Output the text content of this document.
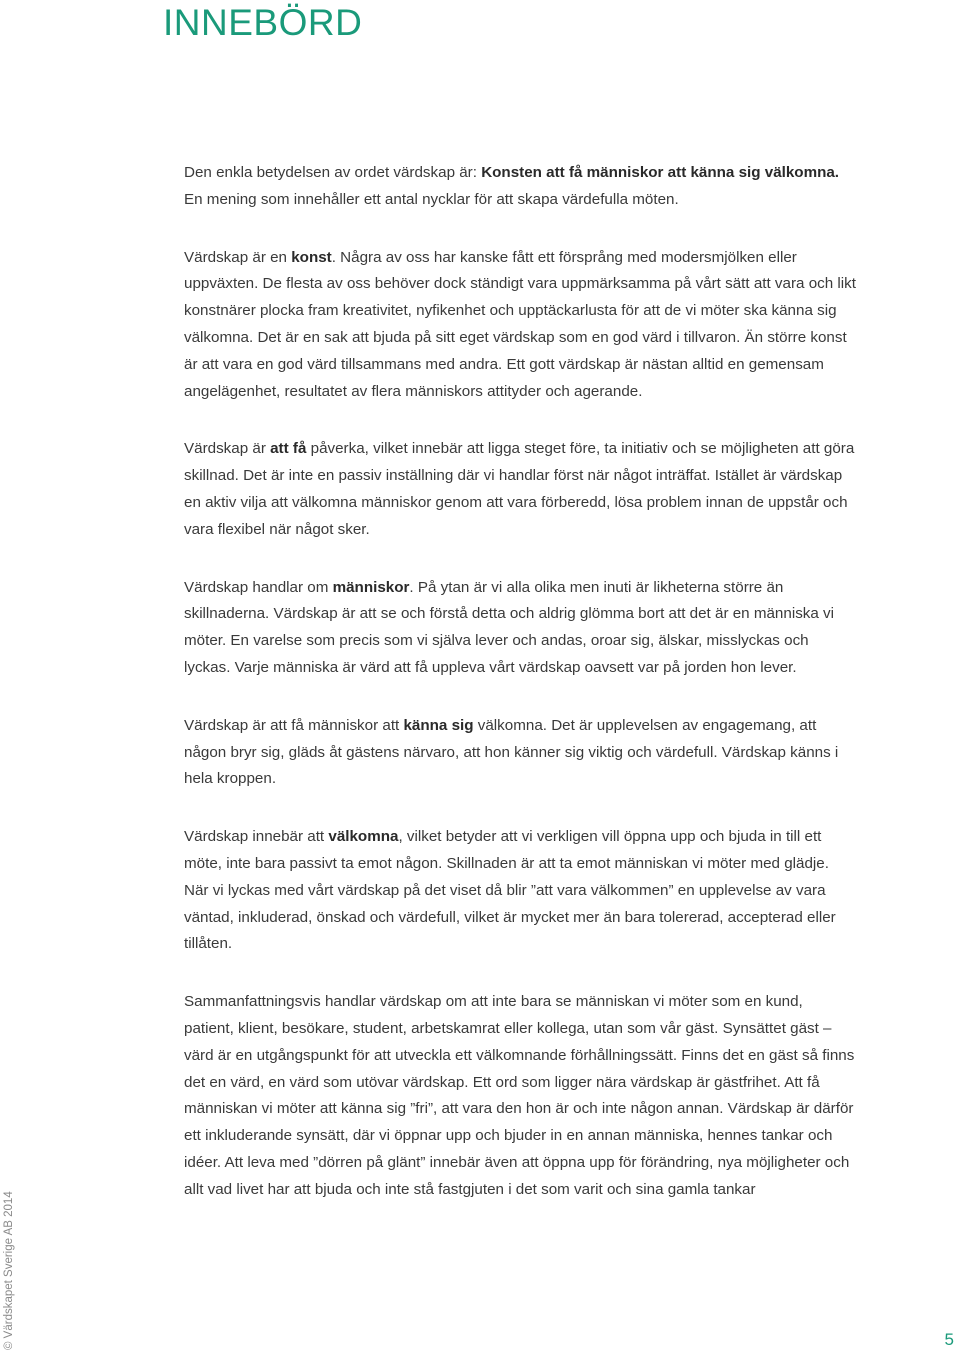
INNEBÖRD

Den enkla betydelsen av ordet värdskap är: Konsten att få människor att känna sig välkomna. En mening som innehåller ett antal nycklar för att skapa värdefulla möten.

Värdskap är en konst. Några av oss har kanske fått ett försprång med modersmjölken eller uppväxten. De flesta av oss behöver dock ständigt vara uppmärksamma på vårt sätt att vara och likt konstnärer plocka fram kreativitet, nyfikenhet och upptäckarlusta för att de vi möter ska känna sig välkomna. Det är en sak att bjuda på sitt eget värdskap som en god värd i tillvaron. Än större konst är att vara en god värd tillsammans med andra. Ett gott värdskap är nästan alltid en gemensam angelägenhet, resultatet av flera människors attityder och agerande.

Värdskap är att få påverka, vilket innebär att ligga steget före, ta initiativ och se möjligheten att göra skillnad. Det är inte en passiv inställning där vi handlar först när något inträffat. Istället är värdskap en aktiv vilja att välkomna människor genom att vara förberedd, lösa problem innan de uppstår och vara flexibel när något sker.

Värdskap handlar om människor. På ytan är vi alla olika men inuti är likheterna större än skillnaderna. Värdskap är att se och förstå detta och aldrig glömma bort att det är en människa vi möter. En varelse som precis som vi själva lever och andas, oroar sig, älskar, misslyckas och lyckas. Varje människa är värd att få uppleva vårt värdskap oavsett var på jorden hon lever.

Värdskap är att få människor att känna sig välkomna. Det är upplevelsen av engagemang, att någon bryr sig, gläds åt gästens närvaro, att hon känner sig viktig och värdefull. Värdskap känns i hela kroppen.

Värdskap innebär att välkomna, vilket betyder att vi verkligen vill öppna upp och bjuda in till ett möte, inte bara passivt ta emot någon. Skillnaden är att ta emot människan vi möter med glädje. När vi lyckas med vårt värdskap på det viset då blir ”att vara välkommen” en upplevelse av vara väntad, inkluderad, önskad och värdefull, vilket är mycket mer än bara tolererad, accepterad eller tillåten.

Sammanfattningsvis handlar värdskap om att inte bara se människan vi möter som en kund, patient, klient, besökare, student, arbetskamrat eller kollega, utan som vår gäst. Synsättet gäst – värd är en utgångspunkt för att utveckla ett välkomnande förhållningssätt. Finns det en gäst så finns det en värd, en värd som utövar värdskap. Ett ord som ligger nära värdskap är gästfrihet. Att få människan vi möter att känna sig ”fri”, att vara den hon är och inte någon annan. Värdskap är därför ett inkluderande synsätt, där vi öppnar upp och bjuder in en annan människa, hennes tankar och idéer. Att leva med ”dörren på glänt” innebär även att öppna upp för förändring, nya möjligheter och allt vad livet har att bjuda och inte stå fastgjuten i det som varit och sina gamla tankar

© Värdskapet Sverige AB 2014	5
